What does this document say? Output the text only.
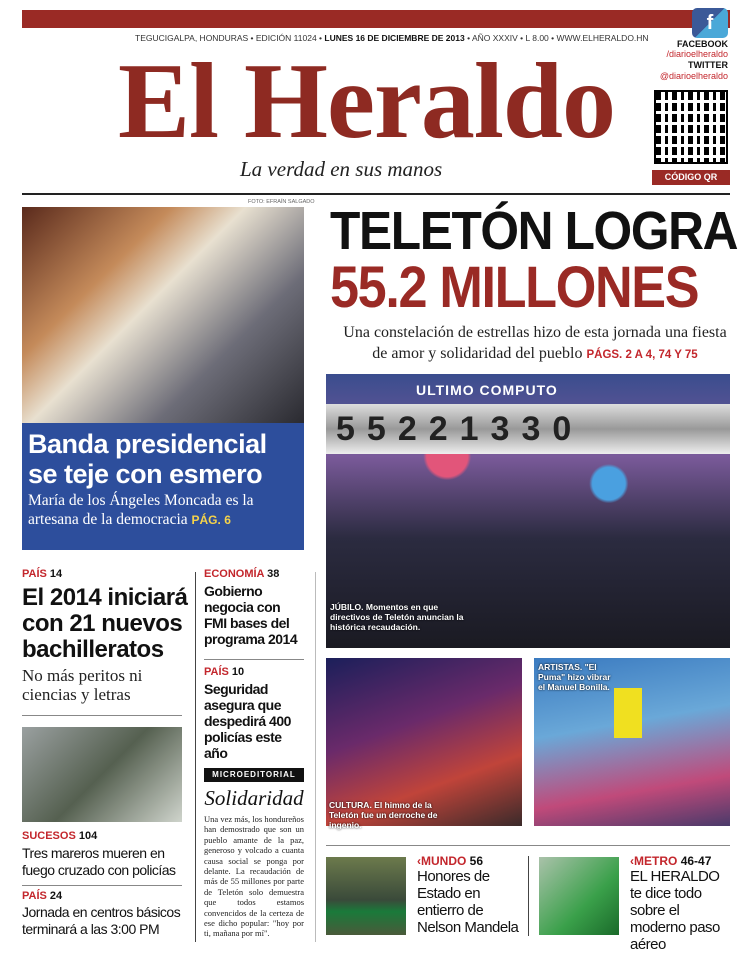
TEGUCIGALPA, HONDURAS • EDICIÓN 11024 • LUNES 16 DE DICIEMBRE DE 2013 • AÑO XXXIV • L 8.00 • WWW.ELHERALDO.HN
El Heraldo
La verdad en sus manos
f
FACEBOOK
/diarioelheraldo
TWITTER
@diarioelheraldo
CÓDIGO QR
FOTO: EFRAÍN SALGADO
Banda presidencial se teje con esmero

María de los Ángeles Moncada es la artesana de la democracia PÁG. 6

TELETÓN LOGRA
55.2 MILLONES
Una constelación de estrellas hizo de esta jornada una fiesta de amor y solidaridad del pueblo PÁGS. 2 A 4, 74 Y 75
ULTIMO COMPUTO
55221330
JÚBILO. Momentos en que directivos de Teletón anuncian la histórica recaudación.
CULTURA. El himno de la Teletón fue un derroche de ingenio.
ARTISTAS. "El Puma" hizo vibrar el Manuel Bonilla.
PAÍS 14
El 2014 iniciará con 21 nuevos bachilleratos
No más peritos ni ciencias y letras
SUCESOS 104
Tres mareros mueren en fuego cruzado con policías
PAÍS 24
Jornada en centros básicos terminará a las 3:00 PM
ECONOMÍA 38
Gobierno negocia con FMI bases del programa 2014
PAÍS 10
Seguridad asegura que despedirá 400 policías este año
MICROEDITORIAL
Solidaridad
Una vez más, los hondureños han demostrado que son un pueblo amante de la paz, generoso y volcado a cuanta causa social se ponga por delante. La recaudación de más de 55 millones por parte de Teletón solo demuestra que todos estamos convencidos de la certeza de ese dicho popular: "hoy por ti, mañana por mí".
‹MUNDO 56
Honores de Estado en entierro de Nelson Mandela
‹METRO 46-47
EL HERALDO te dice todo sobre el moderno paso aéreo
